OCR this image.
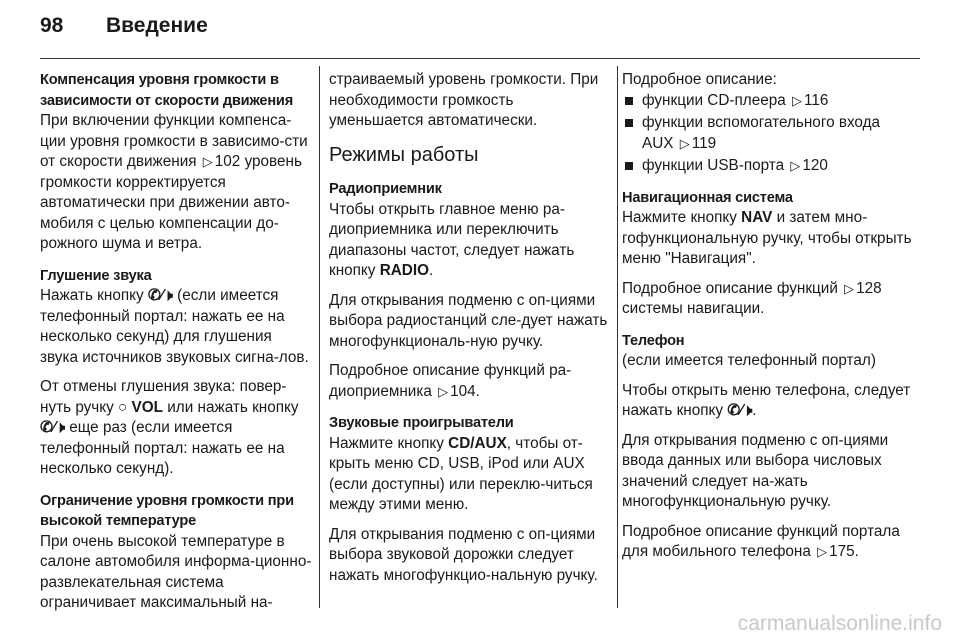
98 Введение
Компенсация уровня громкости в зависимости от скорости движения

При включении функции компенса-ции уровня громкости в зависимо-сти от скорости движения ▷ 102 уровень громкости корректируется автоматически при движении авто-мобиля с целью компенсации до-рожного шума и ветра.

Глушение звука

Нажать кнопку ✆⁄🕨 (если имеется телефонный портал: нажать ее на несколько секунд) для глушения звука источников звуковых сигна-лов.

От отмены глушения звука: повер-нуть ручку ○ VOL или нажать кнопку ✆⁄🕨 еще раз (если имеется телефонный портал: нажать ее на несколько секунд).

Ограничение уровня громкости при высокой температуре

При очень высокой температуре в салоне автомобиля информа-ционно-развлекательная система ограничивает максимальный на-

страиваемый уровень громкости. При необходимости громкость уменьшается автоматически.

Режимы работы
Радиоприемник

Чтобы открыть главное меню ра-диоприемника или переключить диапазоны частот, следует нажать кнопку RADIO.

Для открывания подменю с оп-циями выбора радиостанций сле-дует нажать многофункциональ-ную ручку.

Подробное описание функций ра-диоприемника ▷ 104.

Звуковые проигрыватели

Нажмите кнопку CD/AUX, чтобы от-крыть меню CD, USB, iPod или AUX (если доступны) или переклю-читься между этими меню.

Для открывания подменю с оп-циями выбора звуковой дорожки следует нажать многофункцио-нальную ручку.

Подробное описание:

функции CD-плеера ▷ 116
функции вспомогательного входа AUX ▷ 119
функции USB-порта ▷ 120
Навигационная система

Нажмите кнопку NAV и затем мно-гофункциональную ручку, чтобы открыть меню "Навигация".

Подробное описание функций ▷ 128 системы навигации.

Телефон

(если имеется телефонный портал)

Чтобы открыть меню телефона, следует нажать кнопку ✆⁄🕨.

Для открывания подменю с оп-циями ввода данных или выбора числовых значений следует на-жать многофункциональную ручку.

Подробное описание функций портала для мобильного телефона ▷ 175.

carmanualsonline.info
